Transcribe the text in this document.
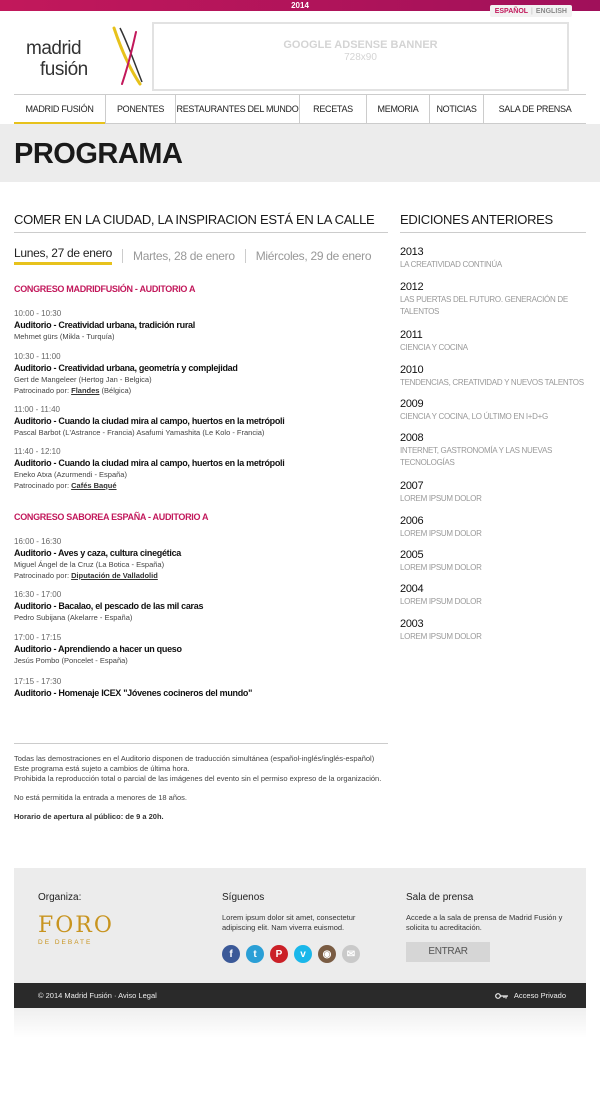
2014
ESPAÑOL | ENGLISH
madrid
fusión
GOOGLE ADSENSE BANNER
728x90
MADRID FUSIÓN	PONENTES	RESTAURANTES DEL MUNDO	RECETAS	MEMORIA	NOTICIAS	SALA DE PRENSA
PROGRAMA
COMER EN LA CIUDAD, LA INSPIRACION ESTÁ EN LA CALLE
Lunes, 27 de enero Martes, 28 de enero Miércoles, 29 de enero
CONGRESO MADRIDFUSIÓN - AUDITORIO A
10:00 - 10:30
Auditorio - Creatividad urbana, tradición rural
Mehmet gürs (Mikla - Turquía)
10:30 - 11:00
Auditorio - Creatividad urbana, geometría y complejidad
Gert de Mangeleer (Hertog Jan - Belgica)
Patrocinado por: Flandes (Bélgica)
11:00 - 11:40
Auditorio - Cuando la ciudad mira al campo, huertos en la metrópoli
Pascal Barbot (L'Astrance - Francia) Asafumi Yamashita (Le Kolo - Francia)
11:40 - 12:10
Auditorio - Cuando la ciudad mira al campo, huertos en la metrópoli
Eneko Atxa (Azurmendi - España)
Patrocinado por: Cafés Baqué
CONGRESO SABOREA ESPAÑA - AUDITORIO A
16:00 - 16:30
Auditorio - Aves y caza, cultura cinegética
Miguel Ángel de la Cruz (La Botica - España)
Patrocinado por: Diputación de Valladolid
16:30 - 17:00
Auditorio - Bacalao, el pescado de las mil caras
Pedro Subijana (Akelarre - España)
17:00 - 17:15
Auditorio - Aprendiendo a hacer un queso
Jesús Pombo (Poncelet - España)
17:15 - 17:30
Auditorio - Homenaje ICEX "Jóvenes cocineros del mundo"

Todas las demostraciones en el Auditorio disponen de traducción simultánea (español-inglés/inglés-español)

Este programa está sujeto a cambios de última hora.

Prohibida la reproducción total o parcial de las imágenes del evento sin el permiso expreso de la organización.

No está permitida la entrada a menores de 18 años.

Horario de apertura al público: de 9 a 20h.

EDICIONES ANTERIORES
2013
LA CREATIVIDAD CONTINÚA
2012
LAS PUERTAS DEL FUTURO. GENERACIÓN DE TALENTOS
2011
CIENCIA Y COCINA
2010
TENDENCIAS, CREATIVIDAD Y NUEVOS TALENTOS
2009
CIENCIA Y COCINA, LO ÚLTIMO EN I+D+G
2008
INTERNET, GASTRONOMÍA Y LAS NUEVAS TECNOLOGÍAS
2007
LOREM IPSUM DOLOR
2006
LOREM IPSUM DOLOR
2005
LOREM IPSUM DOLOR
2004
LOREM IPSUM DOLOR
2003
LOREM IPSUM DOLOR
Organiza:
FORO
DE DEBATE
Síguenos
Lorem ipsum dolor sit amet, consectetur adipiscing elit. Nam viverra euismod.
f	t	P	v	◉	✉
Sala de prensa
Accede a la sala de prensa de Madrid Fusión y solicita tu acreditación.
ENTRAR
© 2014 Madrid Fusión · Aviso Legal	Acceso Privado
